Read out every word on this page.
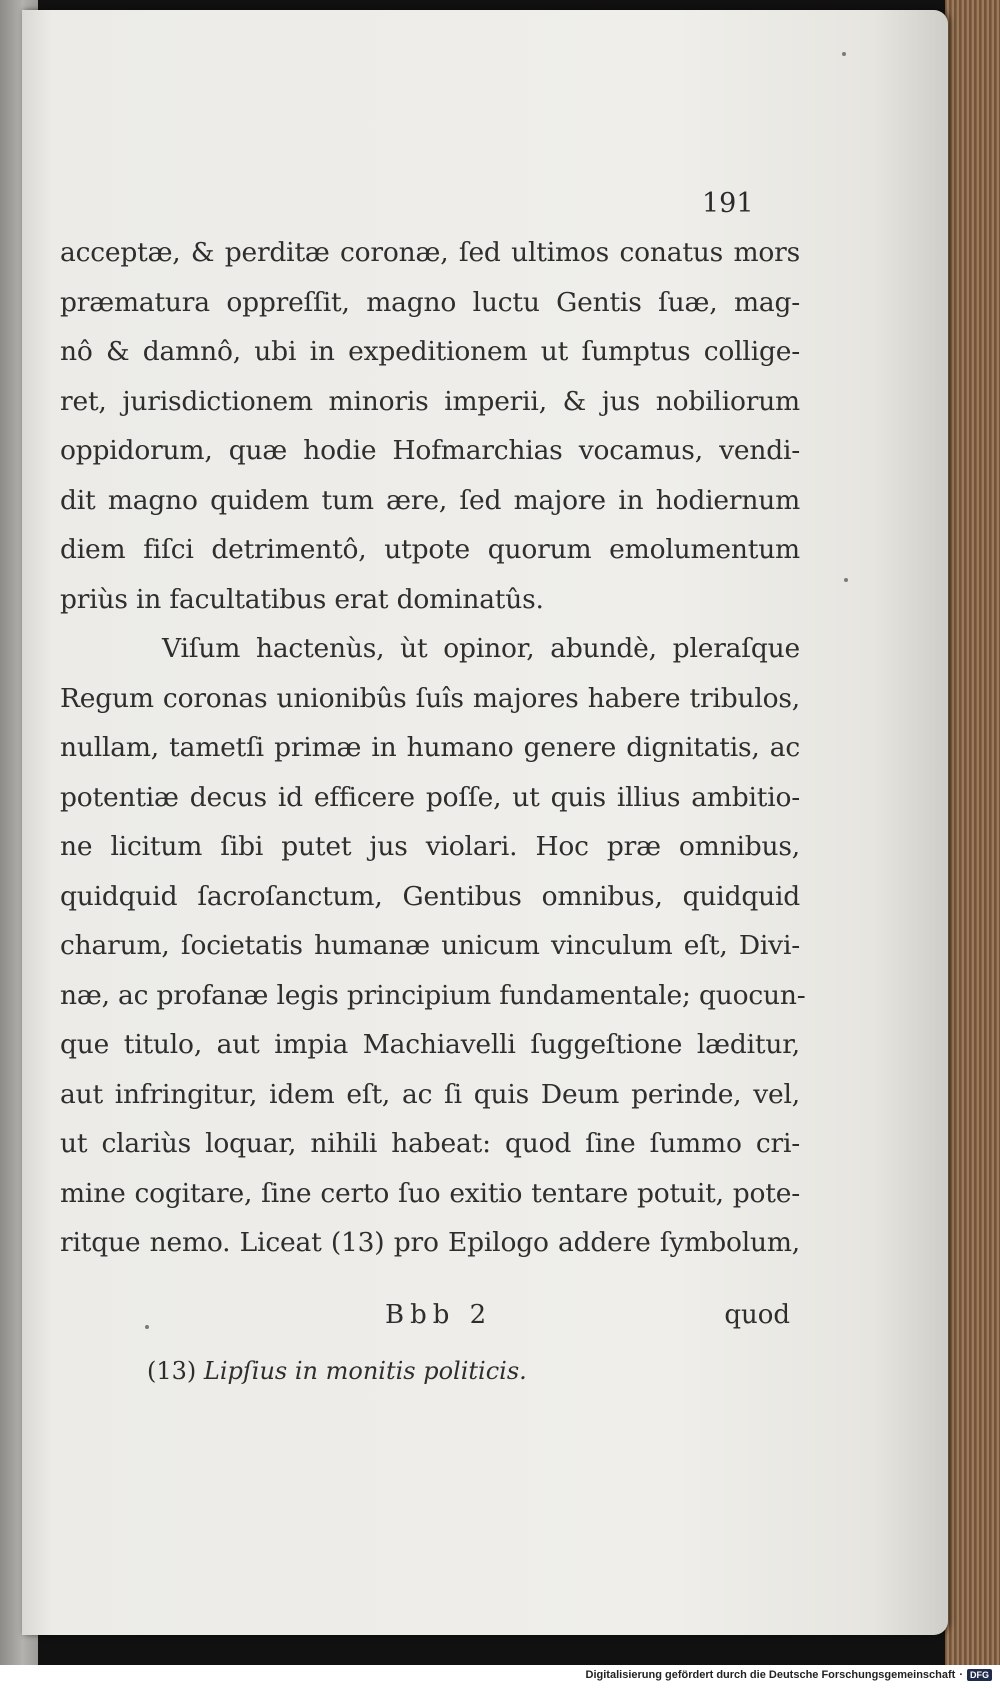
191
acceptæ, & perditæ coronæ, ſed ultimos conatus mors
præmatura oppreſſit, magno luctu Gentis ſuæ, mag-
nô & damnô, ubi in expeditionem ut ſumptus collige-
ret, jurisdictionem minoris imperii, & jus nobiliorum
oppidorum, quæ hodie Hofmarchias vocamus, vendi-
dit magno quidem tum ære, ſed majore in hodiernum
diem fiſci detrimentô, utpote quorum emolumentum
priùs in facultatibus erat dominatûs.
Viſum hactenùs, ùt opinor, abundè, pleraſque
Regum coronas unionibûs ſuîs majores habere tribulos,
nullam, tametſi primæ in humano genere dignitatis, ac
potentiæ decus id efficere poſſe, ut quis illius ambitio-
ne licitum ſibi putet jus violari. Hoc præ omnibus,
quidquid ſacroſanctum, Gentibus omnibus, quidquid
charum, ſocietatis humanæ unicum vinculum eſt, Divi-
næ, ac profanæ legis principium fundamentale; quocun-
que titulo, aut impia Machiavelli ſuggeſtione læditur,
aut infringitur, idem eſt, ac ſi quis Deum perinde, vel,
ut clariùs loquar, nihili habeat: quod ſine ſummo cri-
mine cogitare, ſine certo ſuo exitio tentare potuit, pote-
ritque nemo. Liceat (13) pro Epilogo addere ſymbolum,
Bbb 2	quod
(13) Lipſius in monitis politicis.
Digitalisierung gefördert durch die Deutsche Forschungsgemeinschaft · DFG
